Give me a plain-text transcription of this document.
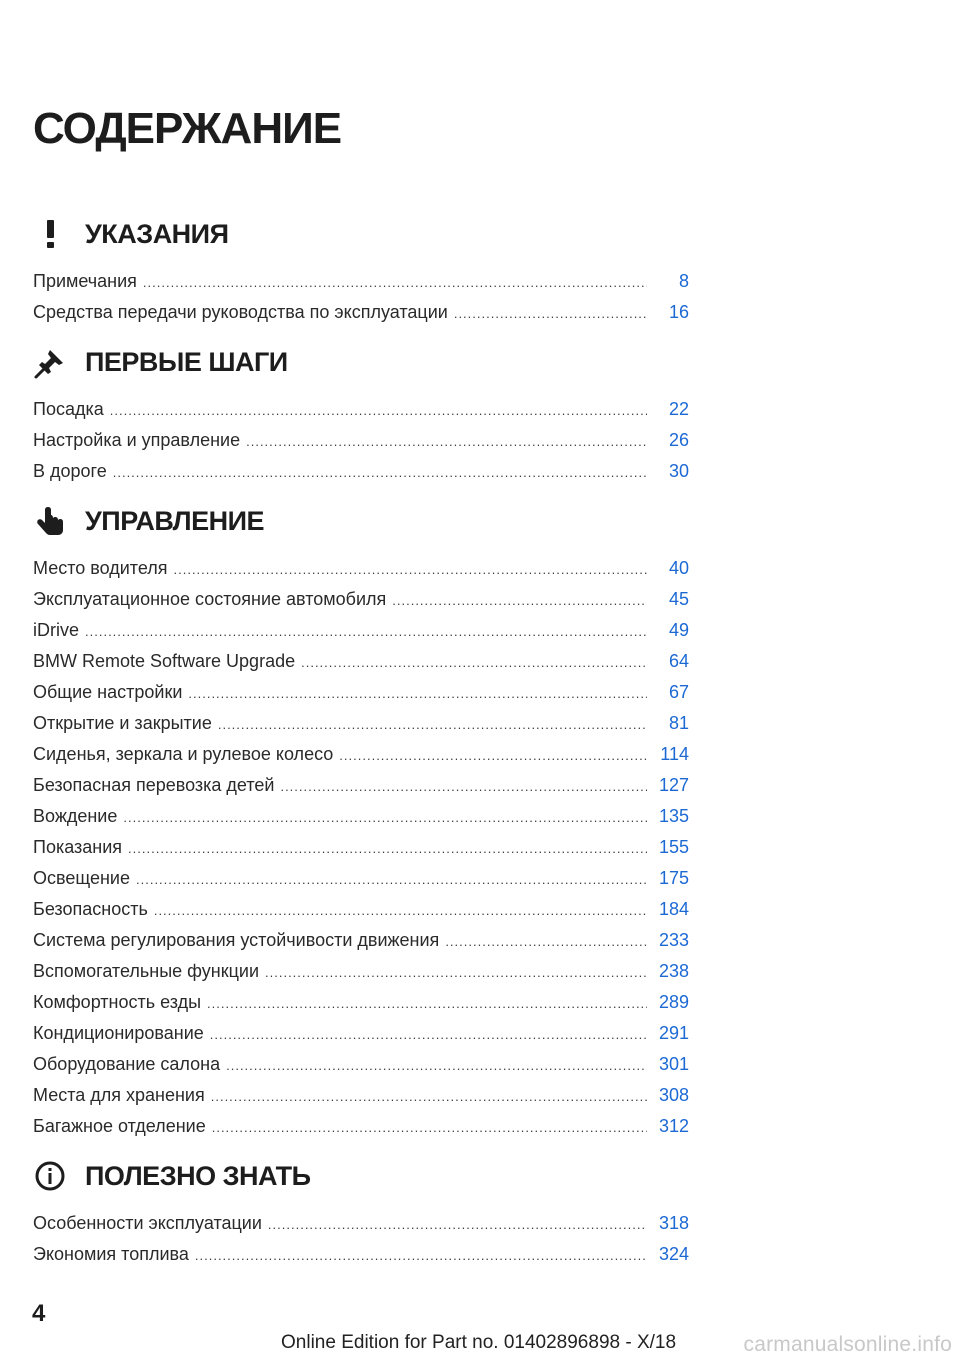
СОДЕРЖАНИЕ
УКАЗАНИЯ
Примечания .....	8
Средства передачи руководства по эксплуатации .....	16
ПЕРВЫЕ ШАГИ
Посадка .....	22
Настройка и управление .....	26
В дороге .....	30
УПРАВЛЕНИЕ
Место водителя .....	40
Эксплуатационное состояние автомобиля .....	45
iDrive .....	49
BMW Remote Software Upgrade .....	64
Общие настройки .....	67
Открытие и закрытие .....	81
Сиденья, зеркала и рулевое колесо .....	114
Безопасная перевозка детей .....	127
Вождение .....	135
Показания .....	155
Освещение .....	175
Безопасность .....	184
Система регулирования устойчивости движения .....	233
Вспомогательные функции .....	238
Комфортность езды .....	289
Кондиционирование .....	291
Оборудование салона .....	301
Места для хранения .....	308
Багажное отделение .....	312
ПОЛЕЗНО ЗНАТЬ
Особенности эксплуатации .....	318
Экономия топлива .....	324
4
Online Edition for Part no. 01402896898 - X/18	carmanualsonline.info
